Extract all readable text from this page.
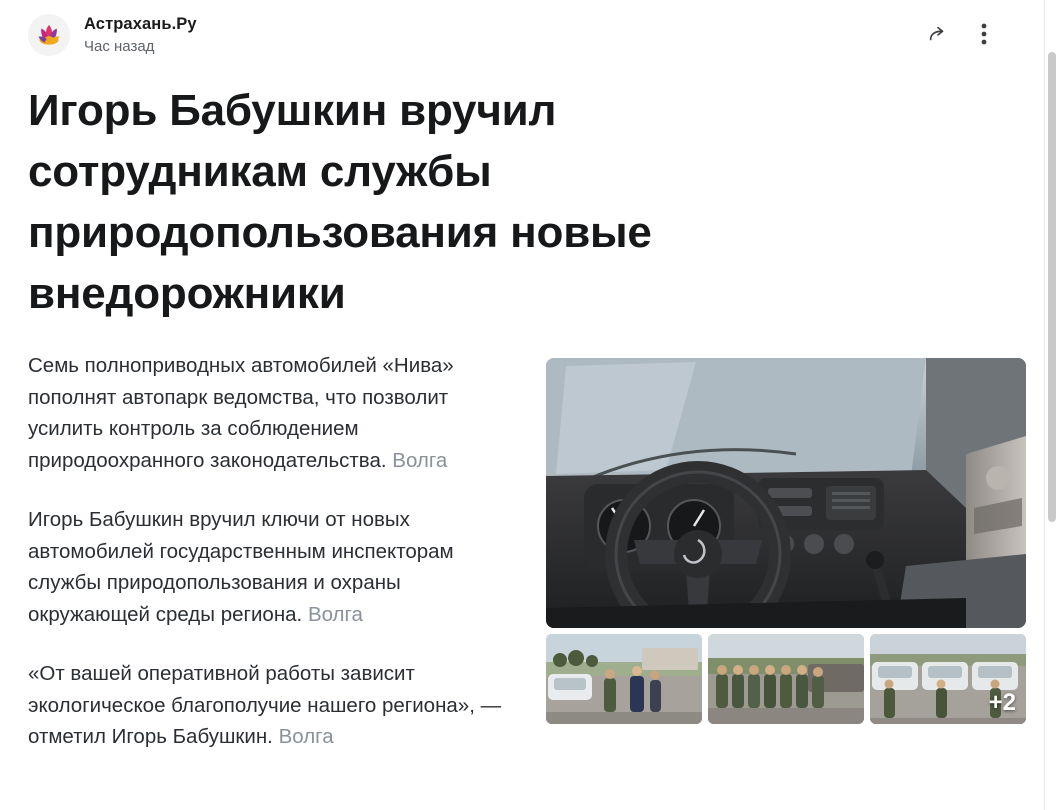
Астрахань.Ру
Час назад
Игорь Бабушкин вручил сотрудникам службы природопользования новые внедорожники

Семь полноприводных автомобилей «Нива» пополнят автопарк ведомства, что позволит усилить контроль за соблюдением природоохранного законодательства. Волга

Игорь Бабушкин вручил ключи от новых автомобилей государственным инспекторам службы природопользования и охраны окружающей среды региона. Волга

«От вашей оперативной работы зависит экологическое благополучие нашего региона», — отметил Игорь Бабушкин. Волга

+2
